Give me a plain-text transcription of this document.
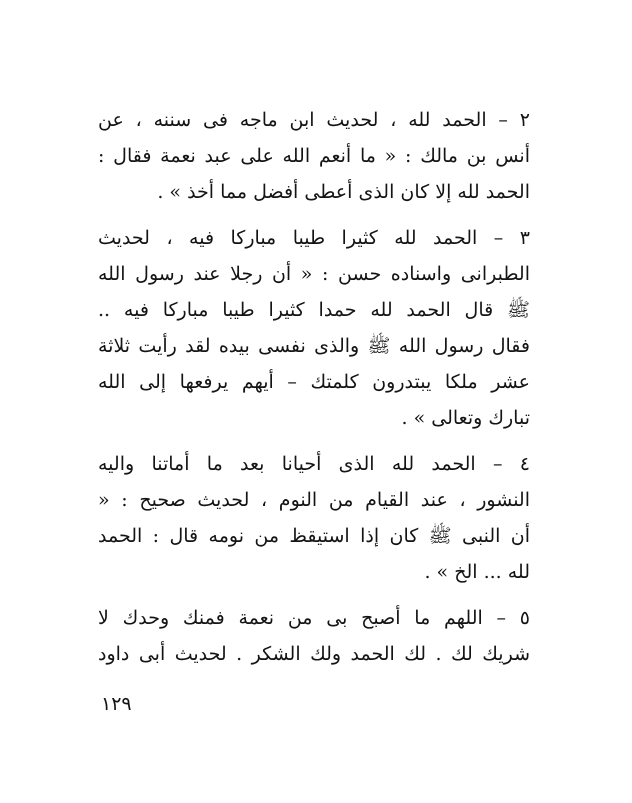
٢ – الحمد لله ، لحديث ابن ماجه فى سننه ، عن
أنس بن مالك : « ما أنعم الله على عبد نعمة فقال :
الحمد لله إلا كان الذى أعطى أفضل مما أخذ » .
٣ – الحمد لله كثيرا طيبا مباركا فيه ، لحديث
الطبرانى واسناده حسن : « أن رجلا عند رسول الله
ﷺ قال الحمد لله حمدا كثيرا طيبا مباركا فيه ..
فقال رسول الله ﷺ والذى نفسى بيده لقد رأيت ثلاثة
عشر ملكا يبتدرون كلمتك – أيهم يرفعها إلى الله
تبارك وتعالى » .
٤ – الحمد لله الذى أحيانا بعد ما أماتنا واليه
النشور ، عند القيام من النوم ، لحديث صحيح : «
أن النبى ﷺ كان إذا استيقظ من نومه قال : الحمد
لله ... الخ » .
٥ – اللهم ما أصبح بى من نعمة فمنك وحدك لا
شريك لك . لك الحمد ولك الشكر . لحديث أبى داود
١٢٩
